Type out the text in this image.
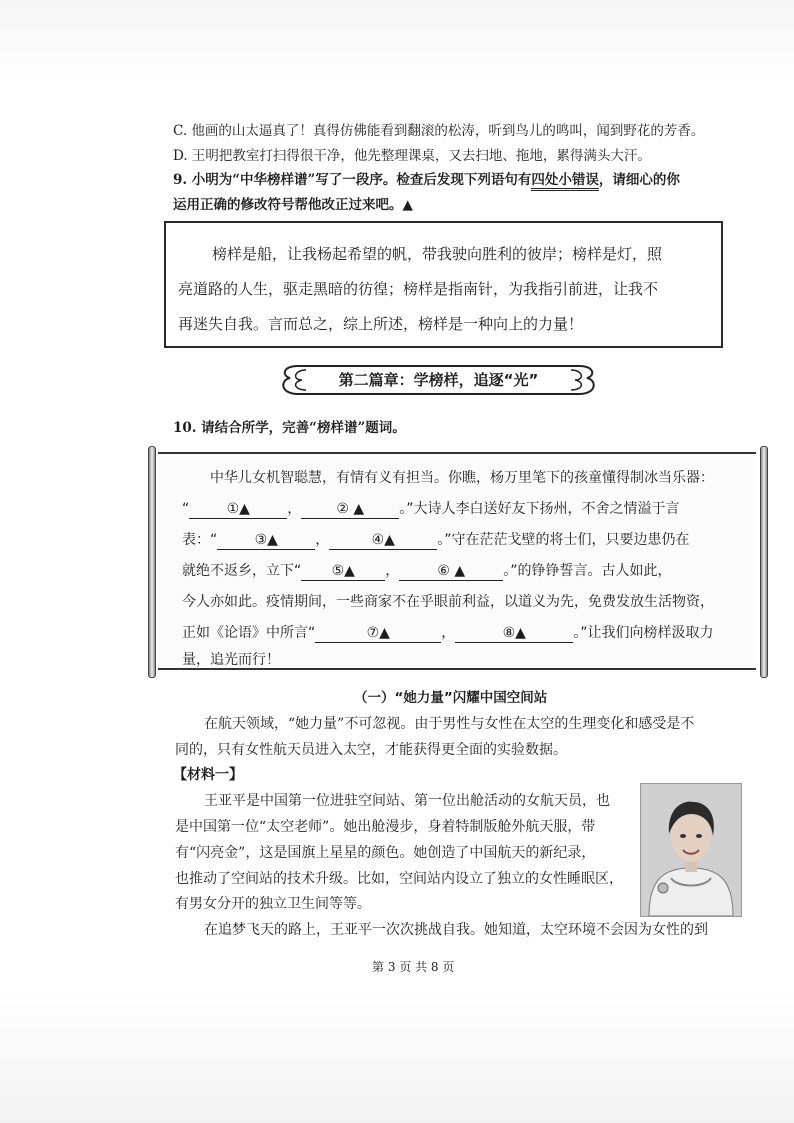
C. 他画的山太逼真了！真得仿佛能看到翻滚的松涛，听到鸟儿的鸣叫，闻到野花的芳香。
D. 王明把教室打扫得很干净，他先整理课桌，又去扫地、拖地，累得满头大汗。
9. 小明为“中华榜样谱”写了一段序。检查后发现下列语句有四处小错误，请细心的你
运用正确的修改符号帮他改正过来吧。▲
榜样是船，让我杨起希望的帆，带我驶向胜利的彼岸；榜样是灯，照
亮道路的人生，驱走黑暗的彷徨；榜样是指南针，为我指引前进，让我不
再迷失自我。言而总之，综上所述，榜样是一种向上的力量！
第二篇章：学榜样，追逐“光”
10. 请结合所学，完善“榜样谱”题词。
中华儿女机智聪慧，有情有义有担当。你瞧，杨万里笔下的孩童懂得制冰当乐器：
“	①▲	，	② ▲	。”大诗人李白送好友下扬州，不舍之情溢于言
表：“	③▲	，	④▲	。”守在茫茫戈壁的将士们，只要边患仍在
就绝不返乡，立下“ ⑤▲ ，	⑥ ▲	。”的铮铮誓言。古人如此，
今人亦如此。疫情期间，一些商家不在乎眼前利益，以道义为先，免费发放生活物资，
正如《论语》中所言“	⑦▲	，	⑧▲	。”让我们向榜样汲取力
量，追光而行！
（一）“她力量”闪耀中国空间站
在航天领域，“她力量”不可忽视。由于男性与女性在太空的生理变化和感受是不
同的，只有女性航天员进入太空，才能获得更全面的实验数据。
【材料一】
王亚平是中国第一位进驻空间站、第一位出舱活动的女航天员，也
是中国第一位“太空老师”。她出舱漫步，身着特制版舱外航天服，带
有“闪亮金”，这是国旗上星星的颜色。她创造了中国航天的新纪录，
也推动了空间站的技术升级。比如，空间站内设立了独立的女性睡眠区，
有男女分开的独立卫生间等等。
在追梦飞天的路上，王亚平一次次挑战自我。她知道，太空环境不会因为女性的到
第 3 页 共 8 页
